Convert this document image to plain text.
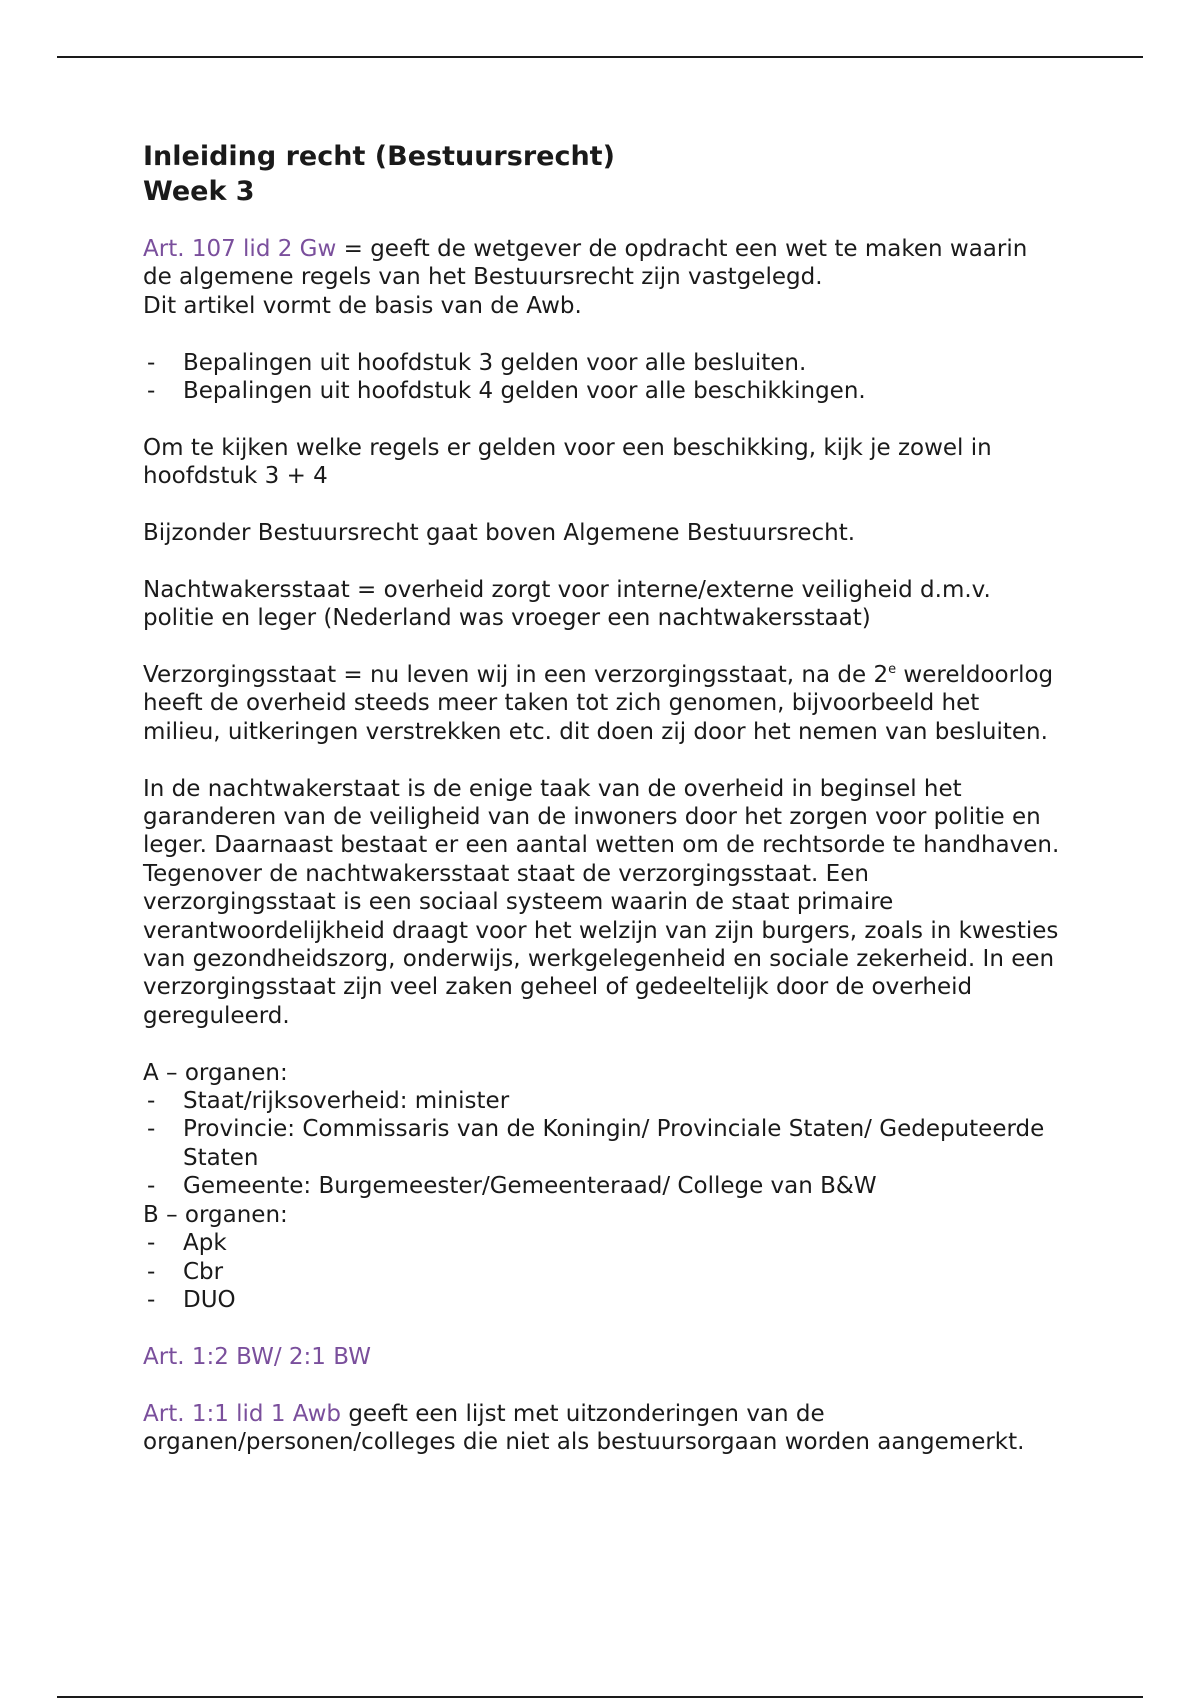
Inleiding recht (Bestuursrecht)
Week 3

Art. 107 lid 2 Gw = geeft de wetgever de opdracht een wet te maken waarin de algemene regels van het Bestuursrecht zijn vastgelegd.
Dit artikel vormt de basis van de Awb.

- Bepalingen uit hoofdstuk 3 gelden voor alle besluiten.
- Bepalingen uit hoofdstuk 4 gelden voor alle beschikkingen.

Om te kijken welke regels er gelden voor een beschikking, kijk je zowel in hoofdstuk 3 + 4

Bijzonder Bestuursrecht gaat boven Algemene Bestuursrecht.

Nachtwakersstaat = overheid zorgt voor interne/externe veiligheid d.m.v. politie en leger (Nederland was vroeger een nachtwakersstaat)

Verzorgingsstaat = nu leven wij in een verzorgingsstaat, na de 2e wereldoorlog heeft de overheid steeds meer taken tot zich genomen, bijvoorbeeld het milieu, uitkeringen verstrekken etc. dit doen zij door het nemen van besluiten.

In de nachtwakerstaat is de enige taak van de overheid in beginsel het garanderen van de veiligheid van de inwoners door het zorgen voor politie en leger. Daarnaast bestaat er een aantal wetten om de rechtsorde te handhaven. Tegenover de nachtwakersstaat staat de verzorgingsstaat. Een verzorgingsstaat is een sociaal systeem waarin de staat primaire verantwoordelijkheid draagt voor het welzijn van zijn burgers, zoals in kwesties van gezondheidszorg, onderwijs, werkgelegenheid en sociale zekerheid. In een verzorgingsstaat zijn veel zaken geheel of gedeeltelijk door de overheid gereguleerd.

A – organen:
- Staat/rijksoverheid: minister
- Provincie: Commissaris van de Koningin/ Provinciale Staten/ Gedeputeerde Staten
- Gemeente: Burgemeester/Gemeenteraad/ College van B&W
B – organen:
- Apk
- Cbr
- DUO

Art. 1:2 BW/ 2:1 BW

Art. 1:1 lid 1 Awb geeft een lijst met uitzonderingen van de organen/personen/colleges die niet als bestuursorgaan worden aangemerkt.
